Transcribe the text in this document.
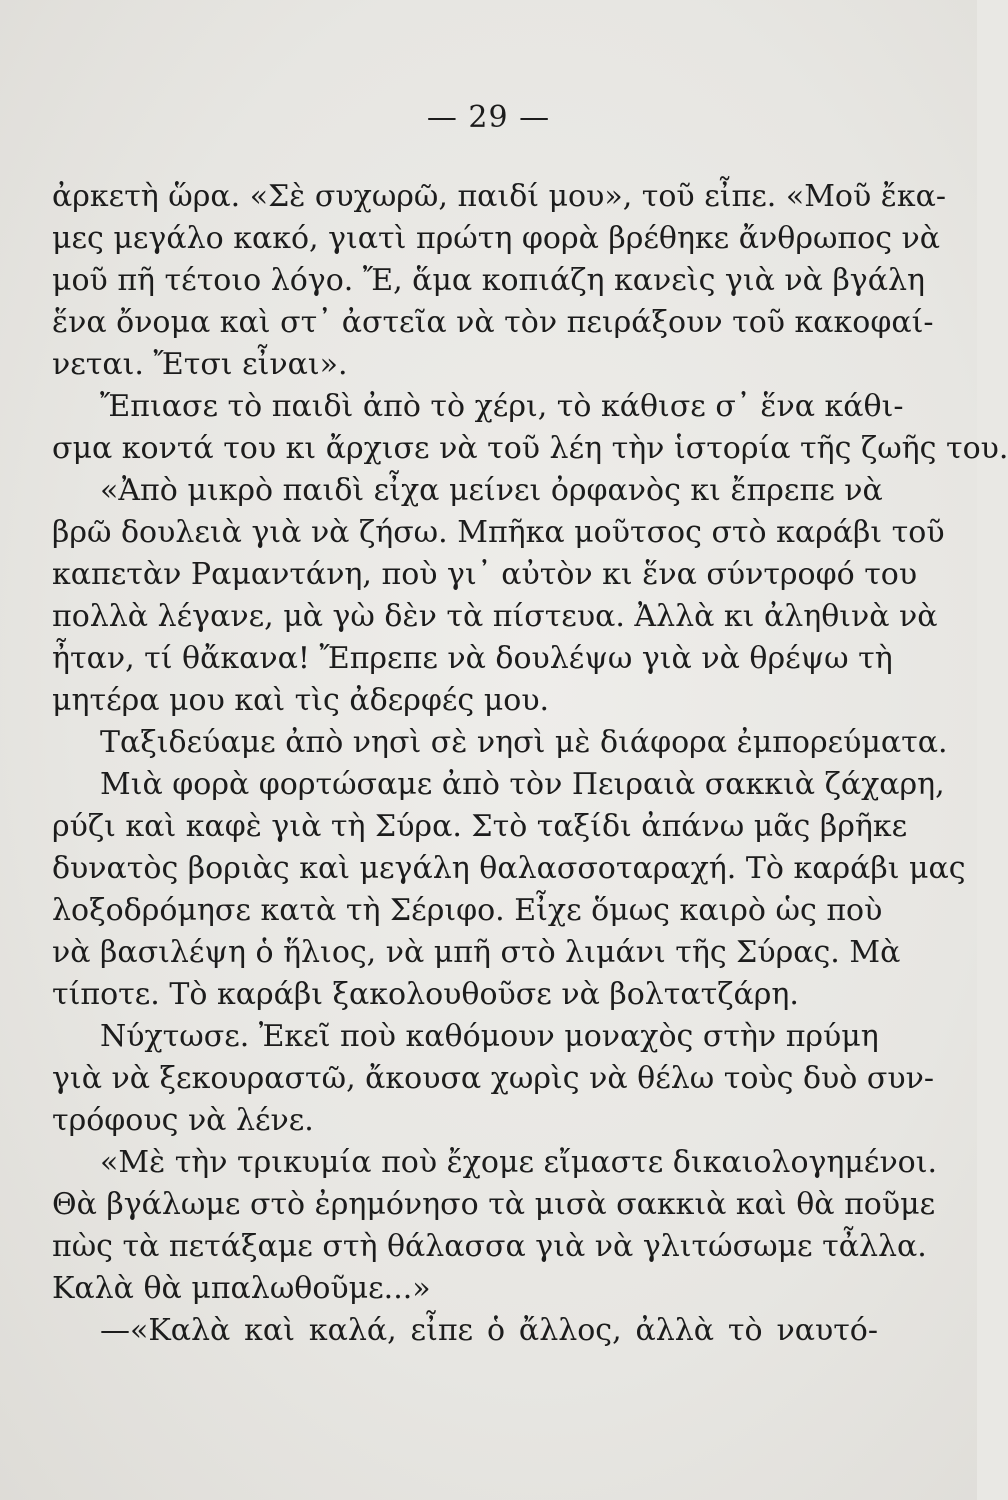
— 29 —
ἀρκετὴ ὥρα. «Σὲ συχωρῶ, παιδί μου», τοῦ εἶπε. «Μοῦ ἔκα-
μες μεγάλο κακό, γιατὶ πρώτη φορὰ βρέθηκε ἄνθρωπος νὰ
μοῦ πῆ τέτοιο λόγο. Ἔ, ἅμα κοπιάζη κανεὶς γιὰ νὰ βγάλη
ἕνα ὄνομα καὶ στ᾿ ἀστεῖα νὰ τὸν πειράξουν τοῦ κακοφαί-
νεται. Ἔτσι εἶναι».
Ἔπιασε τὸ παιδὶ ἀπὸ τὸ χέρι, τὸ κάθισε σ᾿ ἕνα κάθι-
σμα κοντά του κι ἄρχισε νὰ τοῦ λέη τὴν ἱστορία τῆς ζωῆς του.
«Ἀπὸ μικρὸ παιδὶ εἶχα μείνει ὀρφανὸς κι ἔπρεπε νὰ
βρῶ δουλειὰ γιὰ νὰ ζήσω. Μπῆκα μοῦτσος στὸ καράβι τοῦ
καπετὰν Ραμαντάνη, ποὺ γι᾿ αὐτὸν κι ἕνα σύντροφό του
πολλὰ λέγανε, μὰ γὼ δὲν τὰ πίστευα. Ἀλλὰ κι ἀληθινὰ νὰ
ἦταν, τί θἄκανα! Ἔπρεπε νὰ δουλέψω γιὰ νὰ θρέψω τὴ
μητέρα μου καὶ τὶς ἀδερφές μου.
Ταξιδεύαμε ἀπὸ νησὶ σὲ νησὶ μὲ διάφορα ἐμπορεύματα.
Μιὰ φορὰ φορτώσαμε ἀπὸ τὸν Πειραιὰ σακκιὰ ζάχαρη,
ρύζι καὶ καφὲ γιὰ τὴ Σύρα. Στὸ ταξίδι ἀπάνω μᾶς βρῆκε
δυνατὸς βοριὰς καὶ μεγάλη θαλασσοταραχή. Τὸ καράβι μας
λοξοδρόμησε κατὰ τὴ Σέριφο. Εἶχε ὅμως καιρὸ ὡς ποὺ
νὰ βασιλέψη ὁ ἥλιος, νὰ μπῆ στὸ λιμάνι τῆς Σύρας. Μὰ
τίποτε. Τὸ καράβι ξακολουθοῦσε νὰ βολτατζάρη.
Νύχτωσε. Ἐκεῖ ποὺ καθόμουν μοναχὸς στὴν πρύμη
γιὰ νὰ ξεκουραστῶ, ἄκουσα χωρὶς νὰ θέλω τοὺς δυὸ συν-
τρόφους νὰ λένε.
«Μὲ τὴν τρικυμία ποὺ ἔχομε εἴμαστε δικαιολογημένοι.
Θὰ βγάλωμε στὸ ἐρημόνησο τὰ μισὰ σακκιὰ καὶ θὰ ποῦμε
πὼς τὰ πετάξαμε στὴ θάλασσα γιὰ νὰ γλιτώσωμε τἆλλα.
Καλὰ θὰ μπαλωθοῦμε...»
—«Καλὰ καὶ καλά, εἶπε ὁ ἄλλος, ἀλλὰ τὸ ναυτό-
